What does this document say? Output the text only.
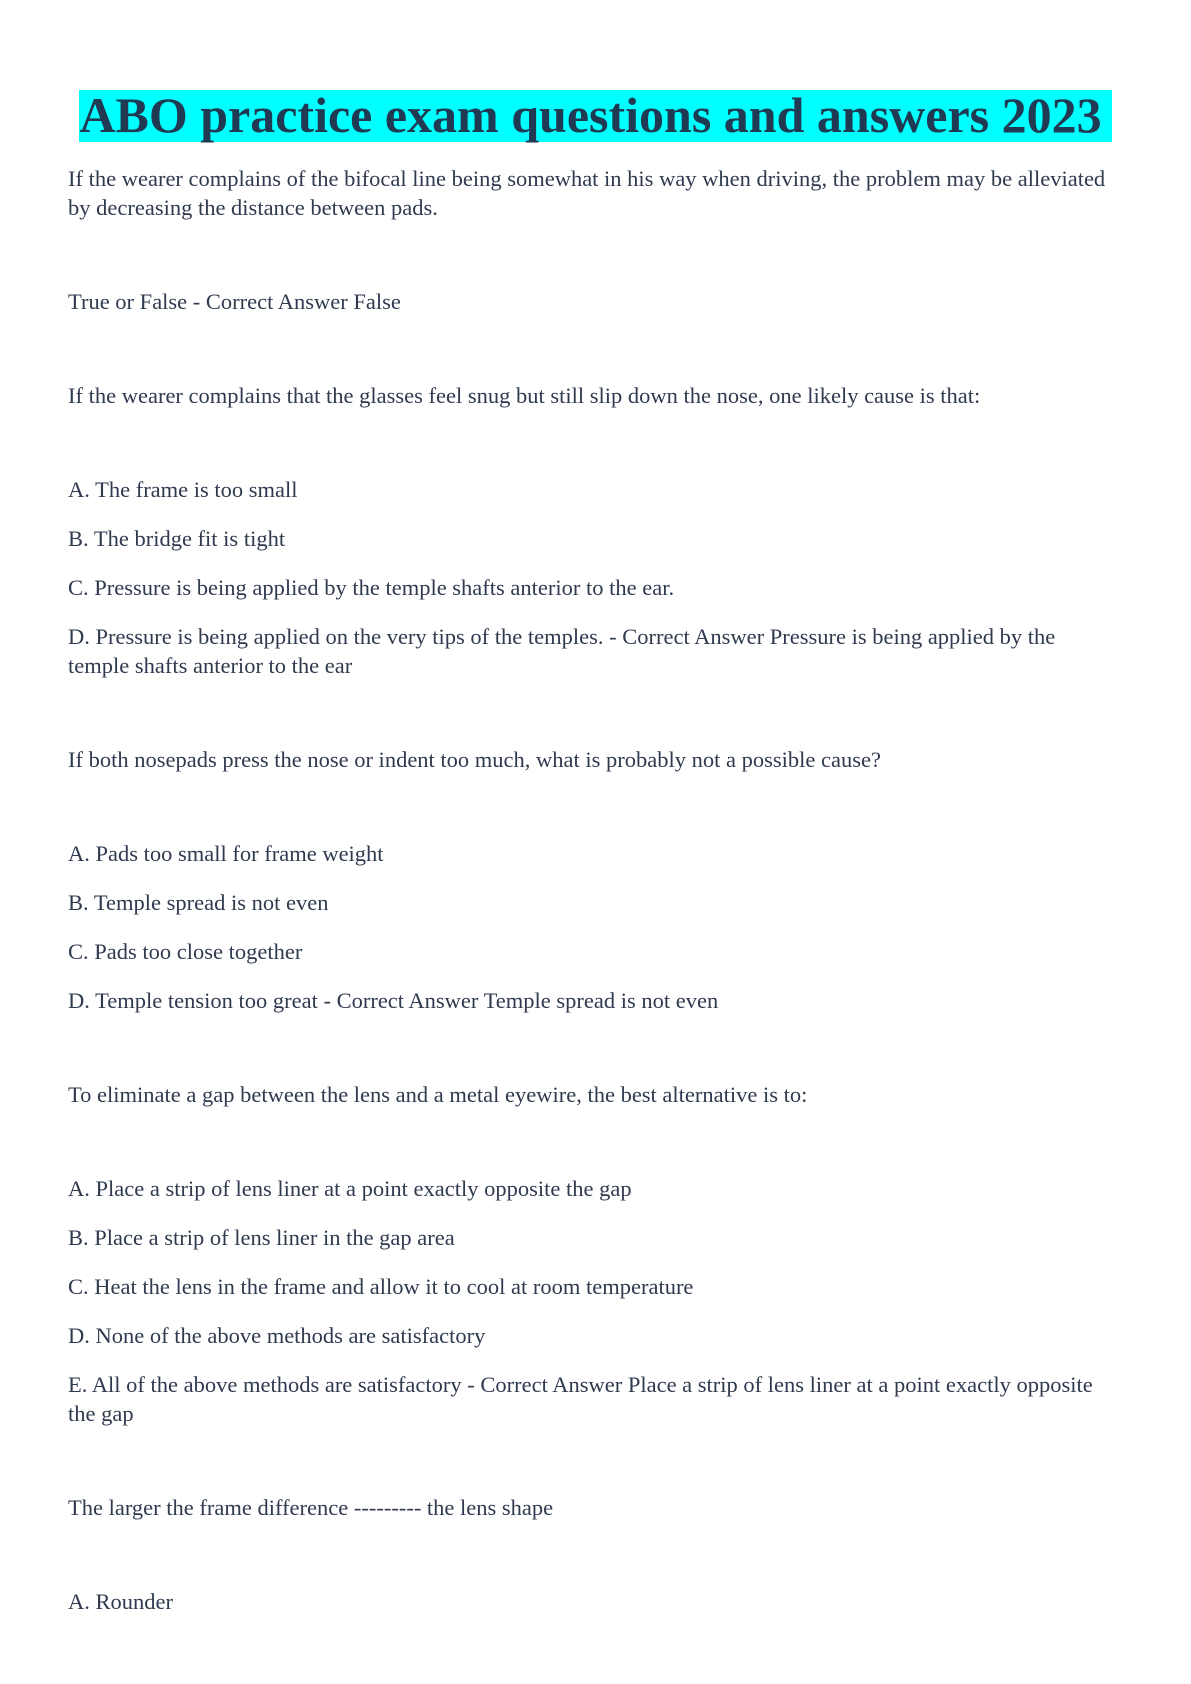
ABO practice exam questions and answers 2023

If the wearer complains of the bifocal line being somewhat in his way when driving, the problem may be alleviated by decreasing the distance between pads.

True or False - Correct Answer False

If the wearer complains that the glasses feel snug but still slip down the nose, one likely cause is that:

A. The frame is too small

B. The bridge fit is tight

C. Pressure is being applied by the temple shafts anterior to the ear.

D. Pressure is being applied on the very tips of the temples. - Correct Answer Pressure is being applied by the temple shafts anterior to the ear

If both nosepads press the nose or indent too much, what is probably not a possible cause?

A. Pads too small for frame weight

B. Temple spread is not even

C. Pads too close together

D. Temple tension too great - Correct Answer Temple spread is not even

To eliminate a gap between the lens and a metal eyewire, the best alternative is to:

A. Place a strip of lens liner at a point exactly opposite the gap

B. Place a strip of lens liner in the gap area

C. Heat the lens in the frame and allow it to cool at room temperature

D. None of the above methods are satisfactory

E. All of the above methods are satisfactory - Correct Answer Place a strip of lens liner at a point exactly opposite the gap

The larger the frame difference --------- the lens shape

A. Rounder
